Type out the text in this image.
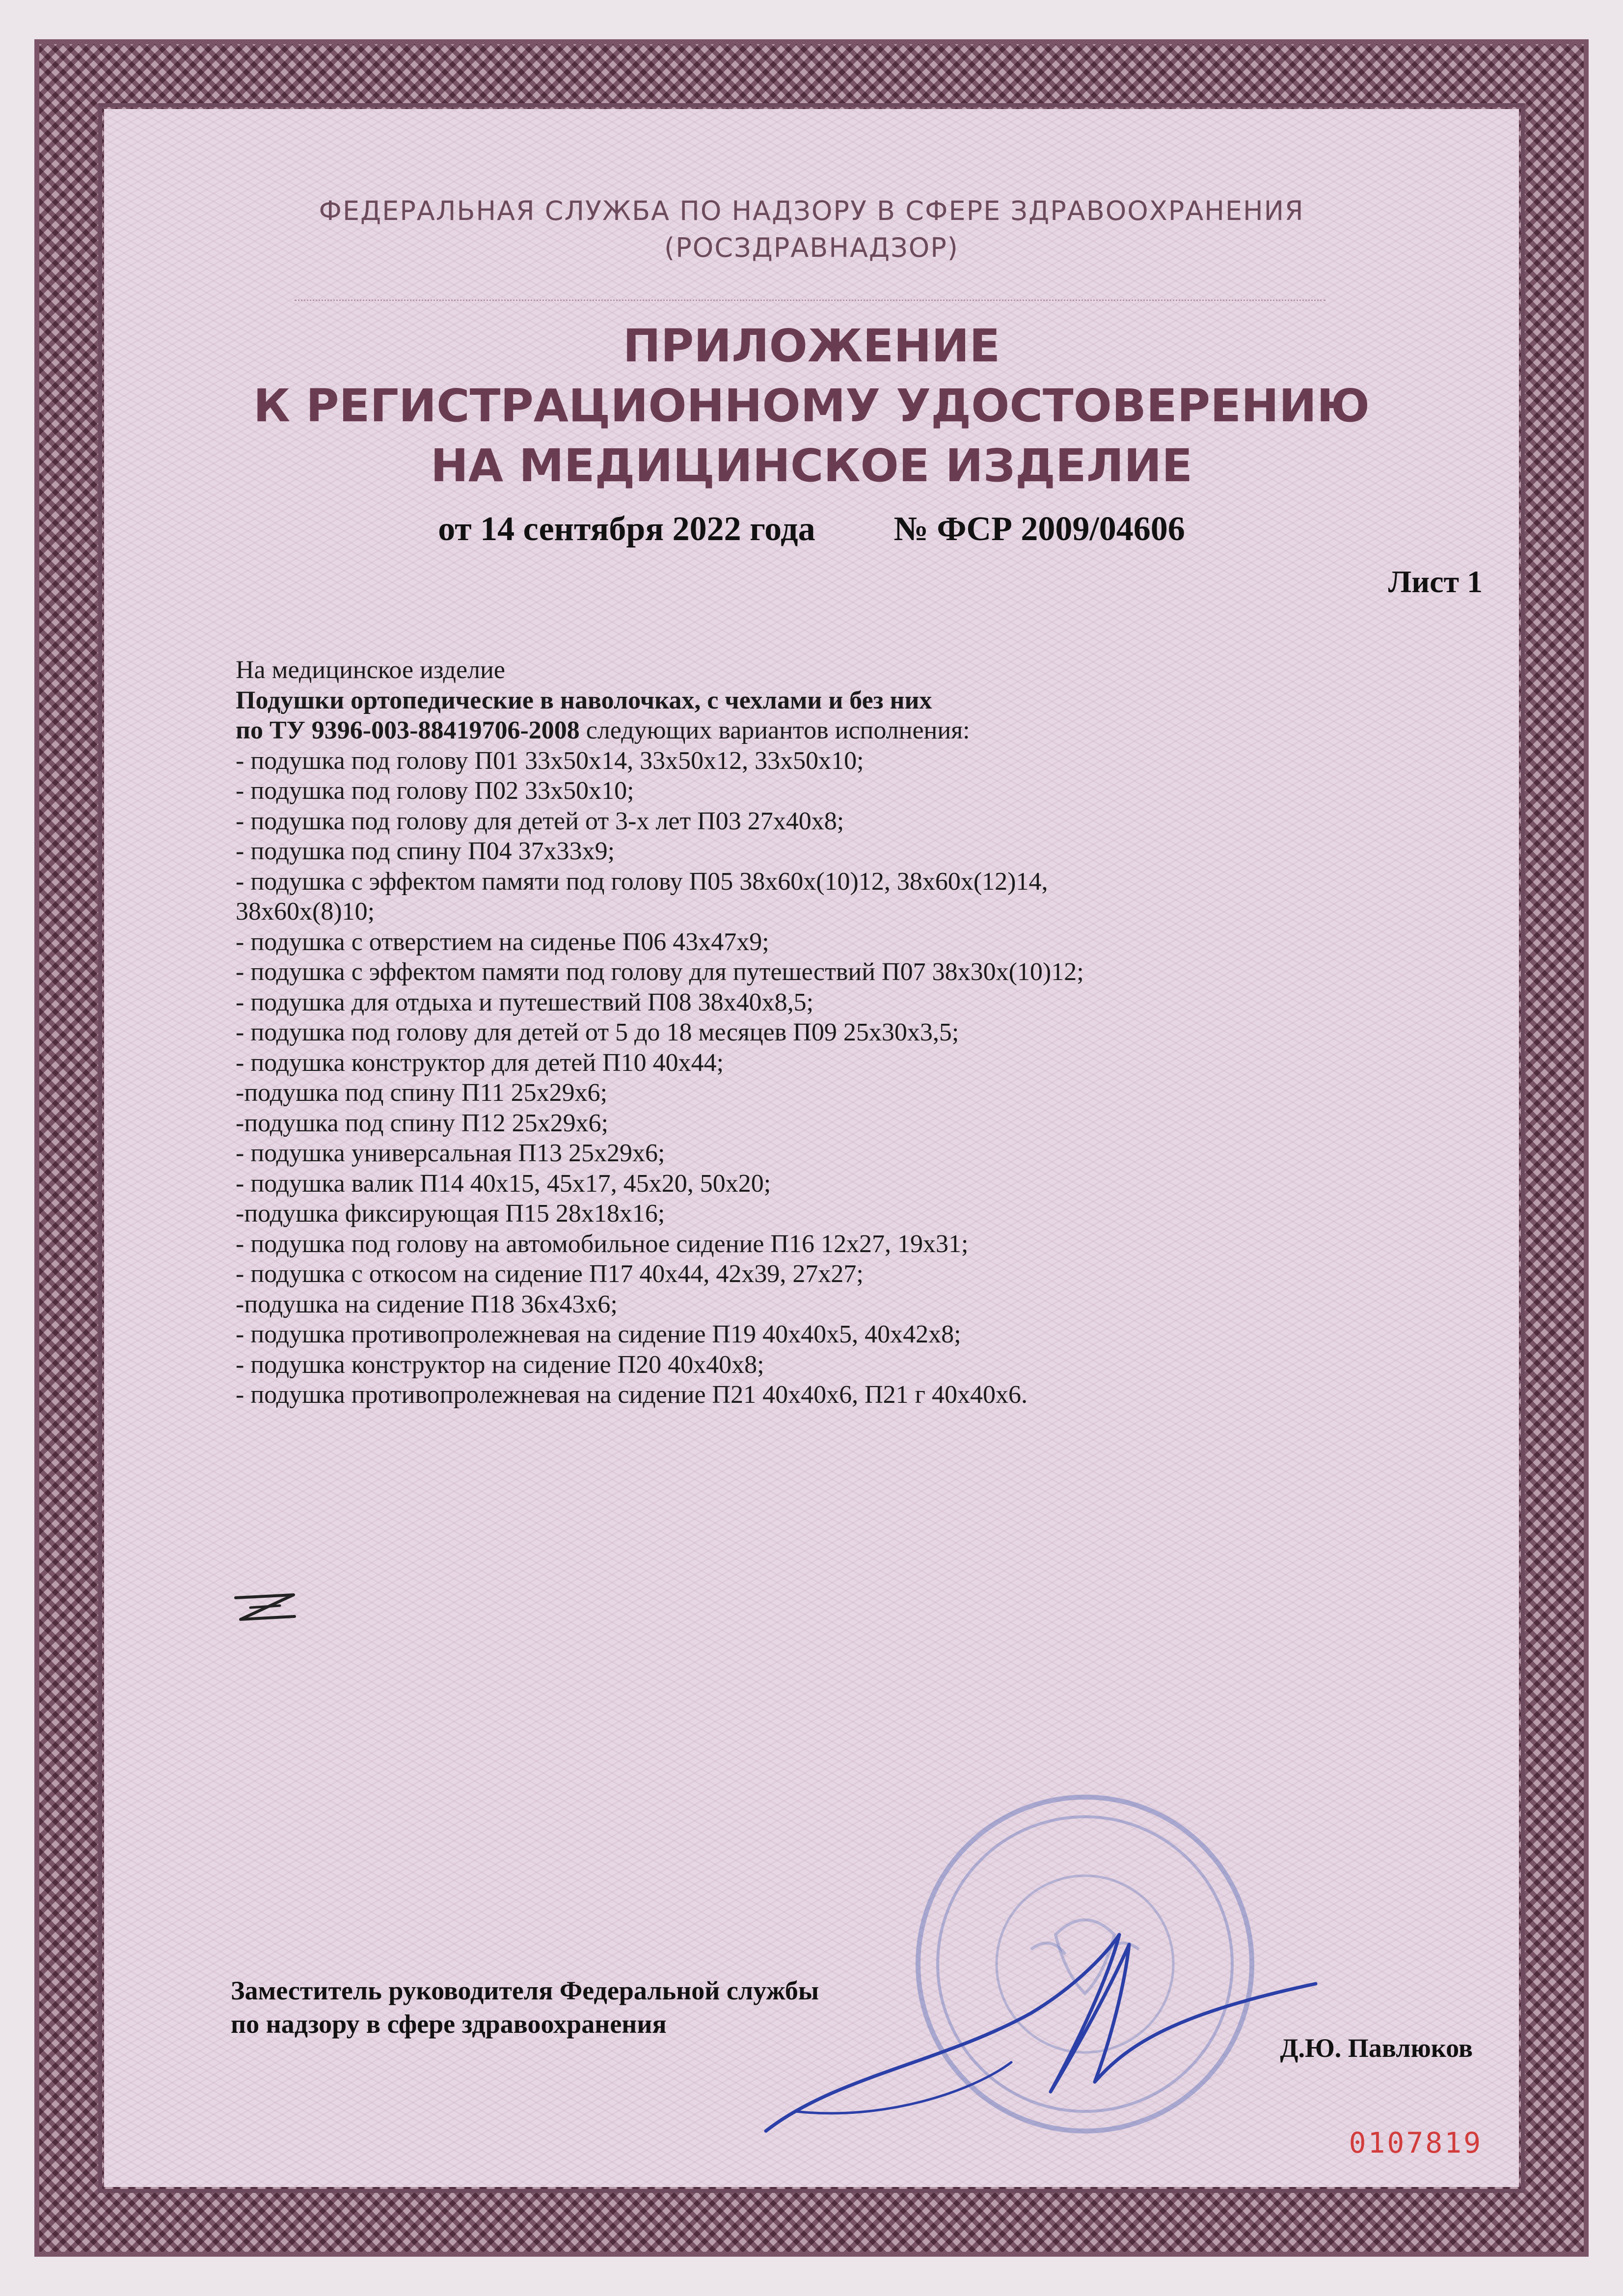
ФЕДЕРАЛЬНАЯ СЛУЖБА ПО НАДЗОРУ В СФЕРЕ ЗДРАВООХРАНЕНИЯ
(РОСЗДРАВНАДЗОР)
ПРИЛОЖЕНИЕ
К РЕГИСТРАЦИОННОМУ УДОСТОВЕРЕНИЮ
НА МЕДИЦИНСКОЕ ИЗДЕЛИЕ
от 14 сентября 2022 года № ФСР 2009/04606
Лист 1
На медицинское изделие
Подушки ортопедические в наволочках, с чехлами и без них
по ТУ 9396-003-88419706-2008 следующих вариантов исполнения:
- подушка под голову П01 33х50х14, 33х50х12, 33х50х10;
- подушка под голову П02 33х50х10;
- подушка под голову для детей от 3-х лет П03 27х40х8;
- подушка под спину П04 37х33х9;
- подушка с эффектом памяти под голову П05 38х60х(10)12, 38х60х(12)14,
38х60х(8)10;
- подушка с отверстием на сиденье П06 43х47х9;
- подушка с эффектом памяти под голову для путешествий П07 38х30х(10)12;
- подушка для отдыха и путешествий П08 38х40х8,5;
- подушка под голову для детей от 5 до 18 месяцев П09 25х30х3,5;
- подушка конструктор для детей П10 40х44;
-подушка под спину П11 25х29х6;
-подушка под спину П12 25х29х6;
- подушка универсальная П13 25х29х6;
- подушка валик П14 40х15, 45х17, 45х20, 50х20;
-подушка фиксирующая П15 28х18х16;
- подушка под голову на автомобильное сидение П16 12х27, 19х31;
- подушка с откосом на сидение П17 40х44, 42х39, 27х27;
-подушка на сидение П18 36х43х6;
- подушка противопролежневая на сидение П19 40х40х5, 40х42х8;
- подушка конструктор на сидение П20 40х40х8;
- подушка противопролежневая на сидение П21 40х40х6, П21 г 40х40х6.
Заместитель руководителя Федеральной службы
по надзору в сфере здравоохранения
Д.Ю. Павлюков
0107819
